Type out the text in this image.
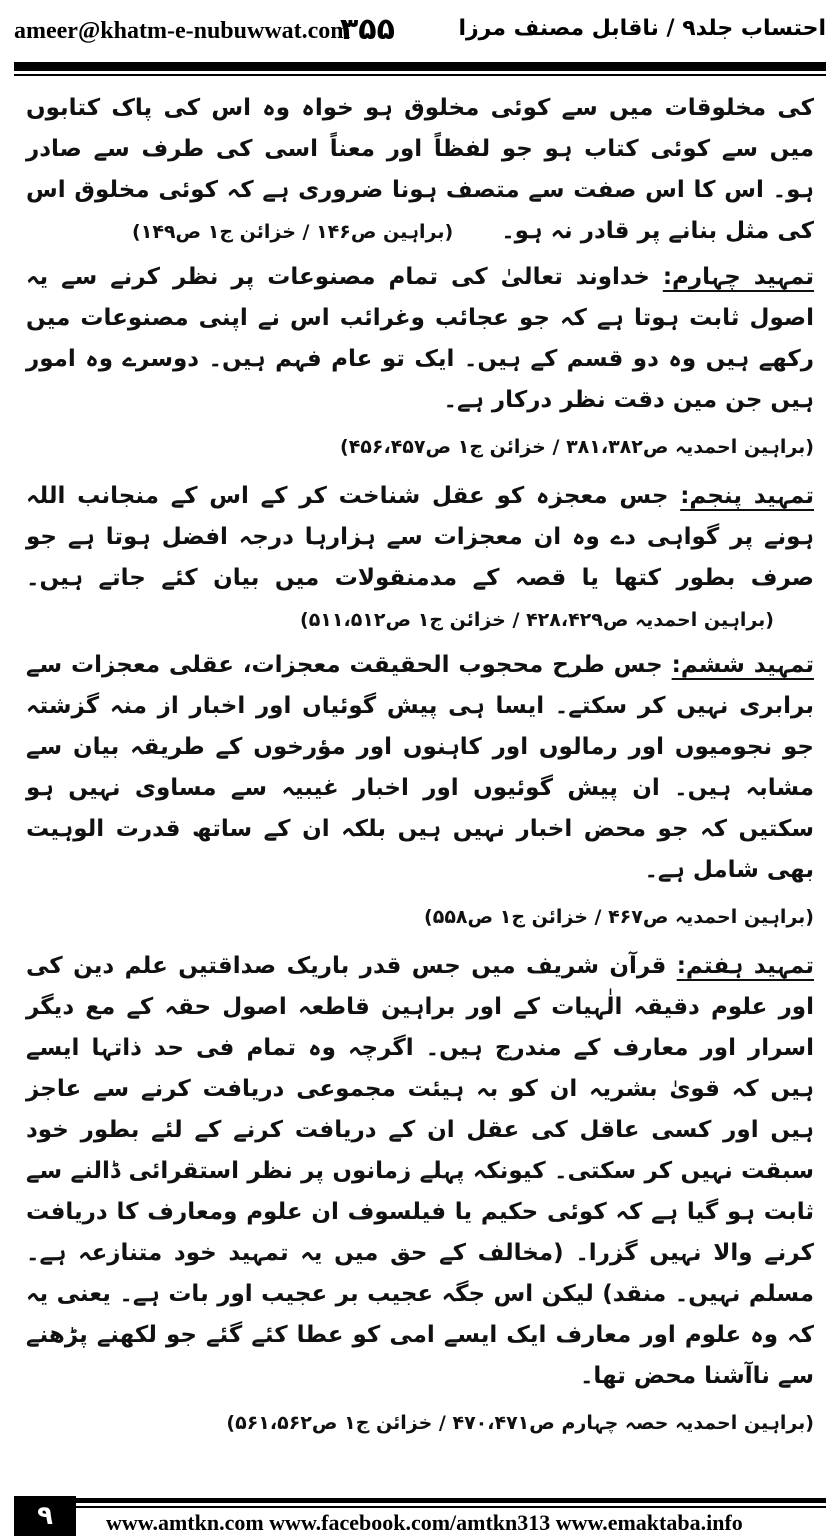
ameer@khatm-e-nubuwwat.com
۳۵۵	احتساب جلد۹ / ناقابل مصنف مرزا

کی مخلوقات میں سے کوئی مخلوق ہو خواہ وہ اس کی پاک کتابوں میں سے کوئی کتاب ہو جو لفظاً اور معناً اسی کی طرف سے صادر ہو۔ اس کا اس صفت سے متصف ہونا ضروری ہے کہ کوئی مخلوق اس کی مثل بنانے پر قادر نہ ہو۔ (براہین ص۱۴۶ / خزائن ج۱ ص۱۴۹)

تمہید چہارم: خداوند تعالیٰ کی تمام مصنوعات پر نظر کرنے سے یہ اصول ثابت ہوتا ہے کہ جو عجائب وغرائب اس نے اپنی مصنوعات میں رکھے ہیں وہ دو قسم کے ہیں۔ ایک تو عام فہم ہیں۔ دوسرے وہ امور ہیں جن مین دقت نظر درکار ہے۔

(براہین احمدیہ ص۳۸۱،۳۸۲ / خزائن ج۱ ص۴۵۶،۴۵۷)

تمہید پنجم: جس معجزہ کو عقل شناخت کر کے اس کے منجانب اللہ ہونے پر گواہی دے وہ ان معجزات سے ہزارہا درجہ افضل ہوتا ہے جو صرف بطور کتھا یا قصہ کے مدمنقولات میں بیان کئے جاتے ہیں۔ (براہین احمدیہ ص۴۲۸،۴۲۹ / خزائن ج۱ ص۵۱۱،۵۱۲)

تمہید ششم: جس طرح محجوب الحقیقت معجزات، عقلی معجزات سے برابری نہیں کر سکتے۔ ایسا ہی پیش گوئیاں اور اخبار از منہ گزشتہ جو نجومیوں اور رمالوں اور کاہنوں اور مؤرخوں کے طریقہ بیان سے مشابہ ہیں۔ ان پیش گوئیوں اور اخبار غیبیہ سے مساوی نہیں ہو سکتیں کہ جو محض اخبار نہیں ہیں بلکہ ان کے ساتھ قدرت الوہیت بھی شامل ہے۔

(براہین احمدیہ ص۴۶۷ / خزائن ج۱ ص۵۵۸)

تمہید ہفتم: قرآن شریف میں جس قدر باریک صداقتیں علم دین کی اور علوم دقیقہ الٰہیات کے اور براہین قاطعہ اصول حقہ کے مع دیگر اسرار اور معارف کے مندرج ہیں۔ اگرچہ وہ تمام فی حد ذاتہا ایسے ہیں کہ قویٰ بشریہ ان کو بہ ہیئت مجموعی دریافت کرنے سے عاجز ہیں اور کسی عاقل کی عقل ان کے دریافت کرنے کے لئے بطور خود سبقت نہیں کر سکتی۔ کیونکہ پہلے زمانوں پر نظر استقرائی ڈالنے سے ثابت ہو گیا ہے کہ کوئی حکیم یا فیلسوف ان علوم ومعارف کا دریافت کرنے والا نہیں گزرا۔ (مخالف کے حق میں یہ تمہید خود متنازعہ ہے۔ مسلم نہیں۔ منقد) لیکن اس جگہ عجیب بر عجیب اور بات ہے۔ یعنی یہ کہ وہ علوم اور معارف ایک ایسے امی کو عطا کئے گئے جو لکھنے پڑھنے سے ناآشنا محض تھا۔

(براہین احمدیہ حصہ چہارم ص۴۷۰،۴۷۱ / خزائن ج۱ ص۵۶۱،۵۶۲)

۹	www.amtkn.com www.facebook.com/amtkn313 www.emaktaba.info
